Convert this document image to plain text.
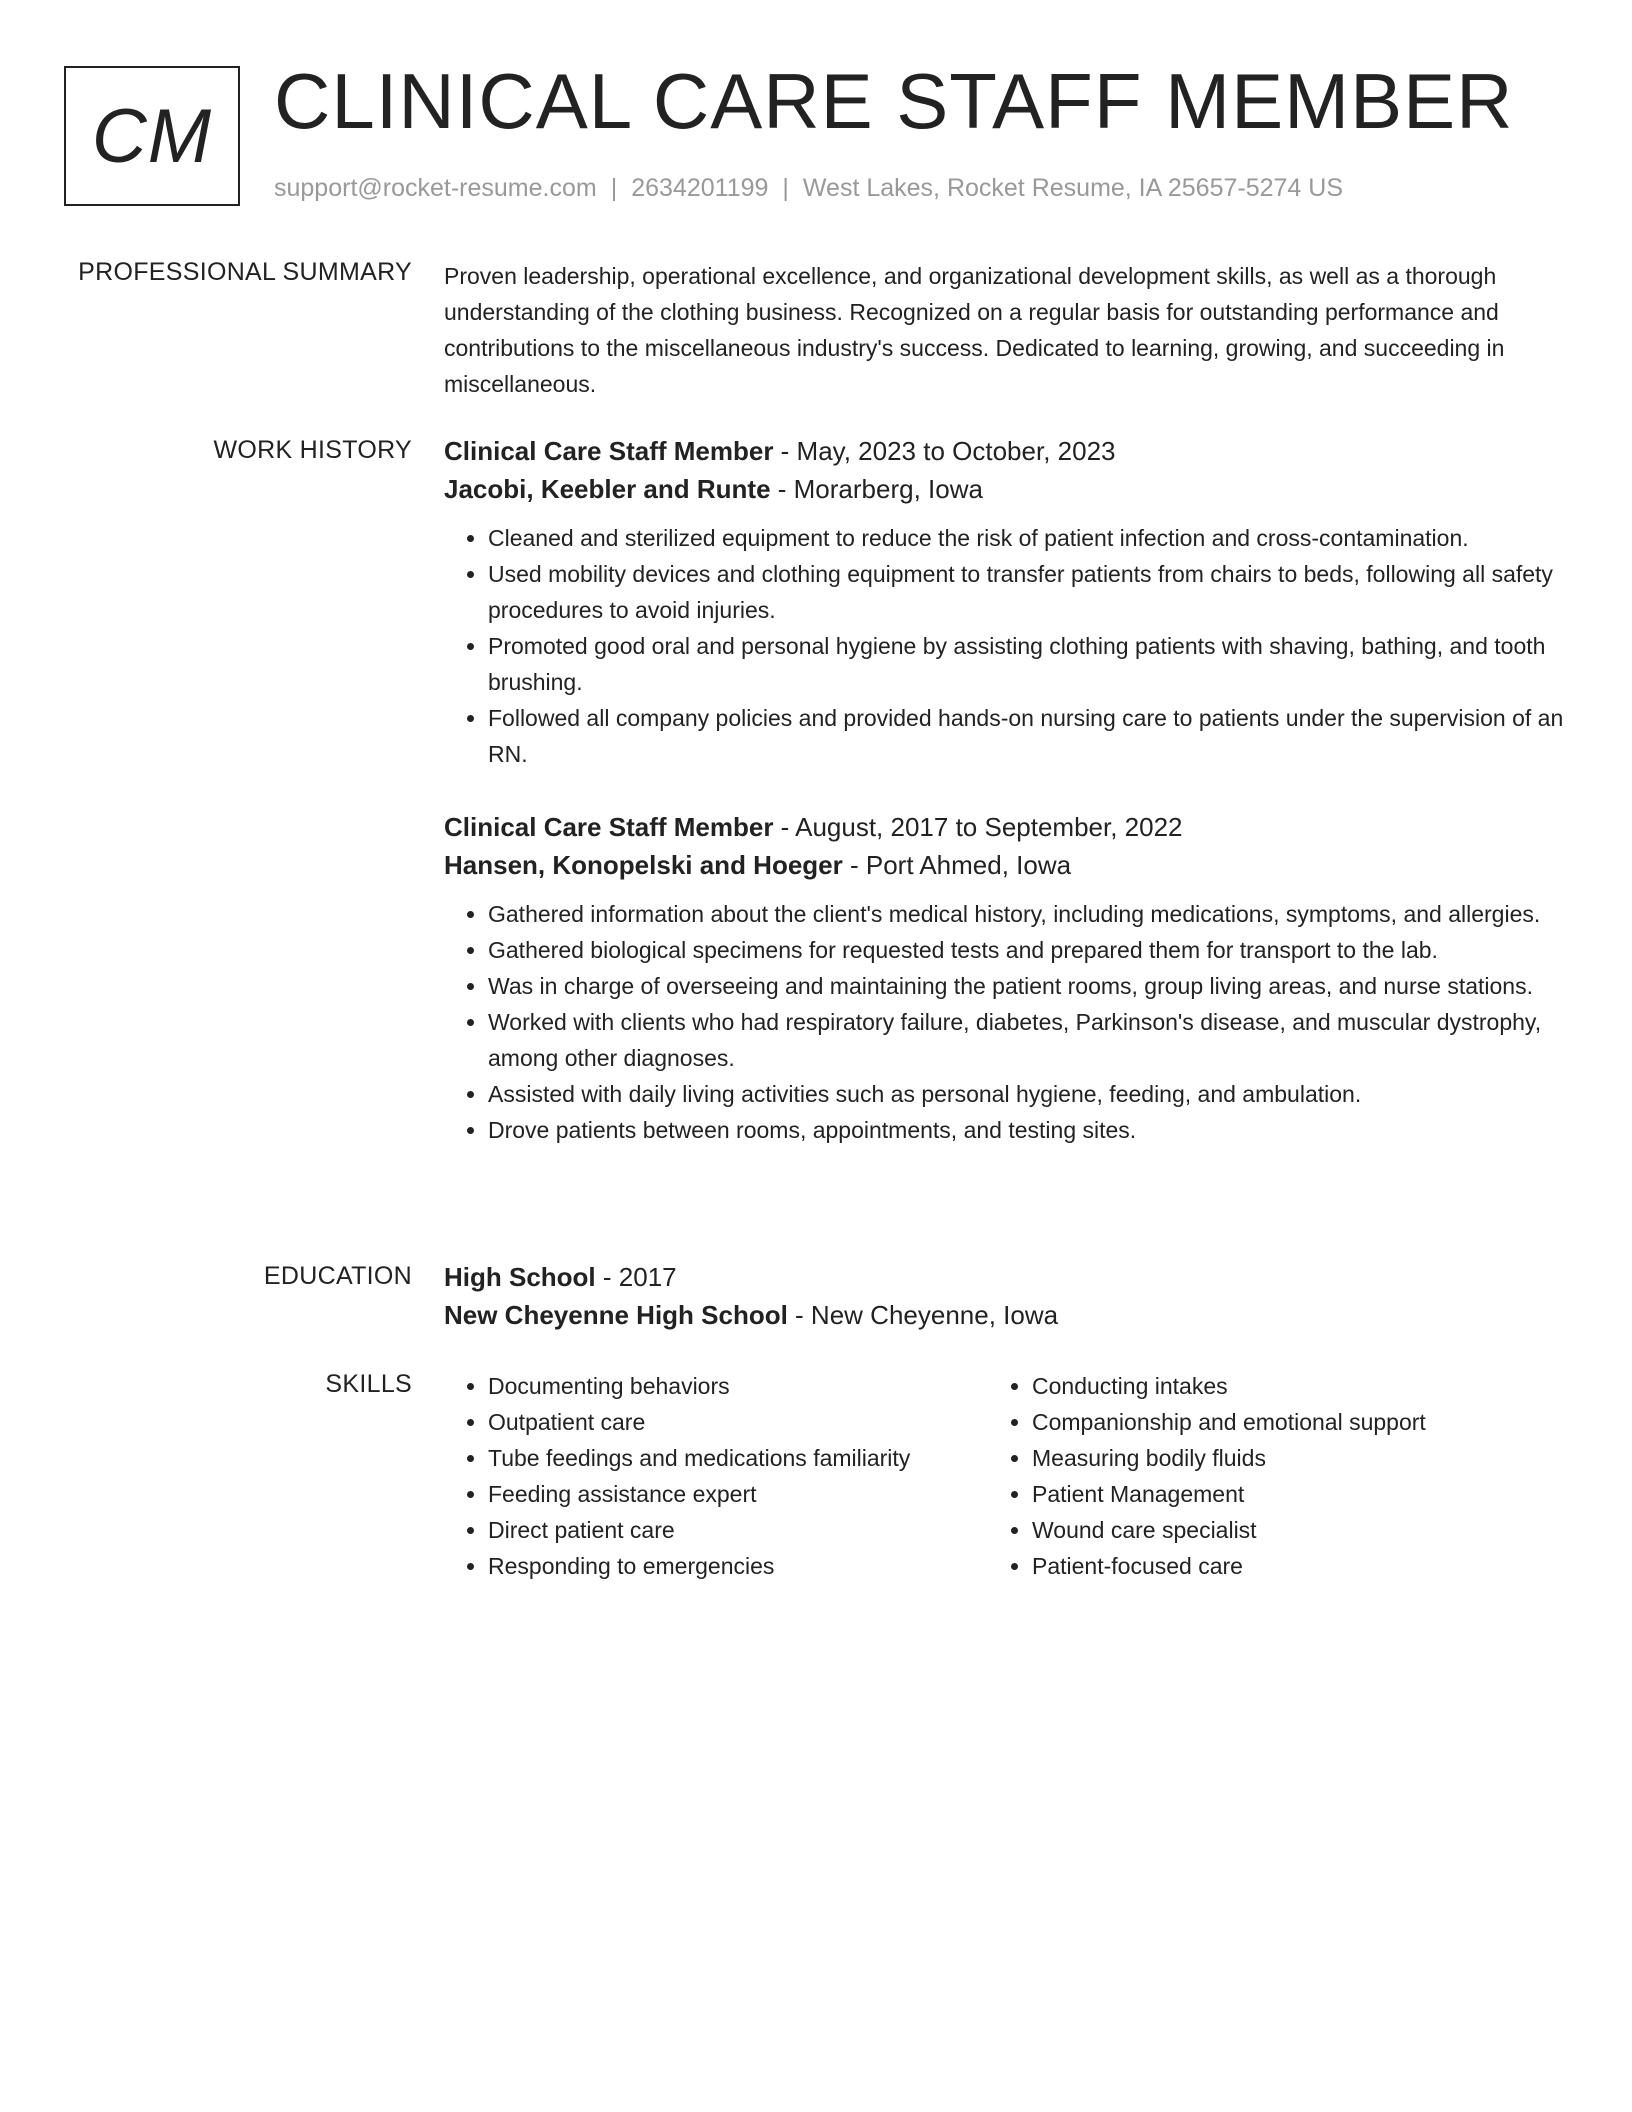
CM CLINICAL CARE STAFF MEMBER
support@rocket-resume.com | 2634201199 | West Lakes, Rocket Resume, IA 25657-5274 US
PROFESSIONAL SUMMARY Proven leadership, operational excellence, and organizational development skills, as well as a thorough understanding of the clothing business. Recognized on a regular basis for outstanding performance and contributions to the miscellaneous industry's success. Dedicated to learning, growing, and succeeding in miscellaneous.

WORK HISTORY Clinical Care Staff Member - May, 2023 to October, 2023
Jacobi, Keebler and Runte - Morarberg, Iowa
• Cleaned and sterilized equipment to reduce the risk of patient infection and cross-contamination.
• Used mobility devices and clothing equipment to transfer patients from chairs to beds, following all safety procedures to avoid injuries.
• Promoted good oral and personal hygiene by assisting clothing patients with shaving, bathing, and tooth brushing.
• Followed all company policies and provided hands-on nursing care to patients under the supervision of an RN.
Clinical Care Staff Member - August, 2017 to September, 2022
Hansen, Konopelski and Hoeger - Port Ahmed, Iowa
• Gathered information about the client's medical history, including medications, symptoms, and allergies.
• Gathered biological specimens for requested tests and prepared them for transport to the lab.
• Was in charge of overseeing and maintaining the patient rooms, group living areas, and nurse stations.
• Worked with clients who had respiratory failure, diabetes, Parkinson's disease, and muscular dystrophy, among other diagnoses.
• Assisted with daily living activities such as personal hygiene, feeding, and ambulation.
• Drove patients between rooms, appointments, and testing sites.
EDUCATION High School - 2017
New Cheyenne High School - New Cheyenne, Iowa
SKILLS
•	Documenting behaviors
• Outpatient care
• Tube feedings and medications familiarity
• Feeding assistance expert
• Direct patient care
• Responding to emergencies
• Conducting intakes
• Companionship and emotional support
• Measuring bodily fluids
• Patient Management
• Wound care specialist
• Patient-focused care
